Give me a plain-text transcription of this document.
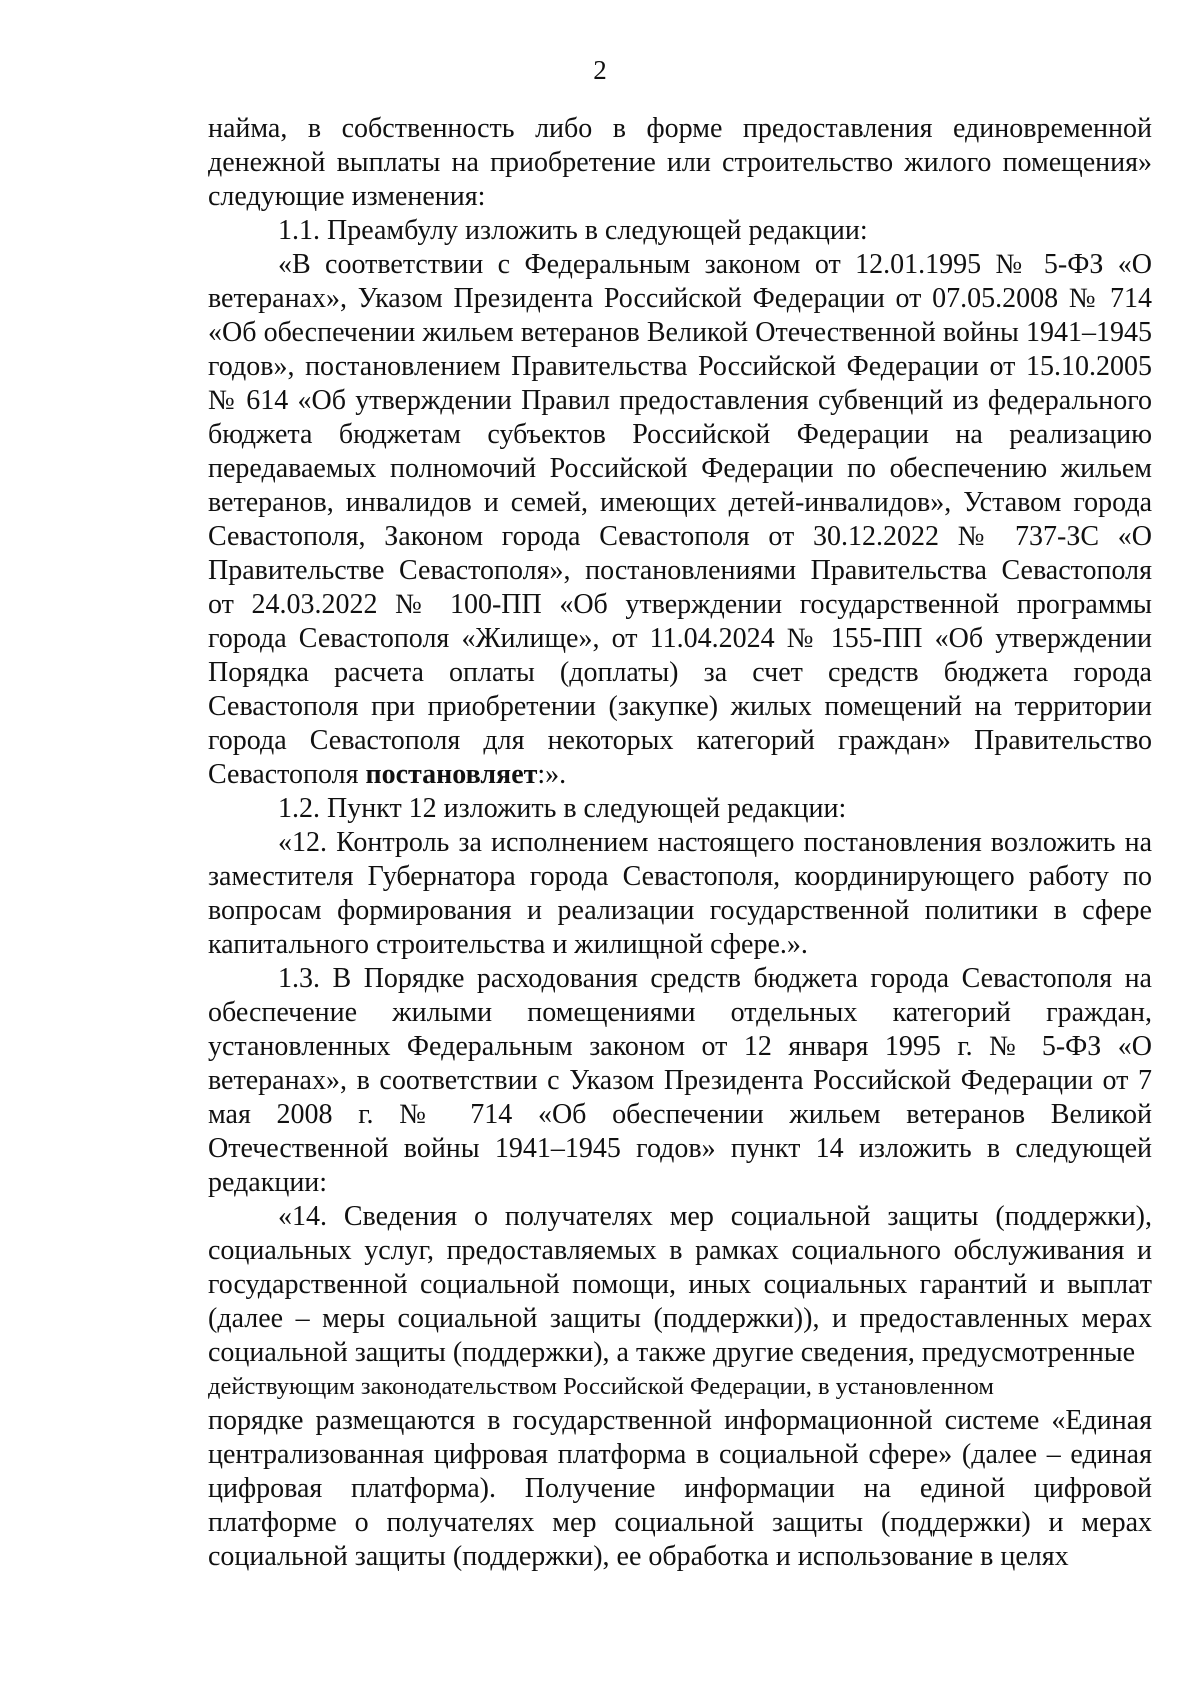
2

найма, в собственность либо в форме предоставления единовременной денежной выплаты на приобретение или строительство жилого помещения» следующие изменения:

1.1. Преамбулу изложить в следующей редакции:

«В соответствии с Федеральным законом от 12.01.1995 № 5-ФЗ «О ветеранах», Указом Президента Российской Федерации от 07.05.2008 № 714 «Об обеспечении жильем ветеранов Великой Отечественной войны 1941–1945 годов», постановлением Правительства Российской Федерации от 15.10.2005 № 614 «Об утверждении Правил предоставления субвенций из федерального бюджета бюджетам субъектов Российской Федерации на реализацию передаваемых полномочий Российской Федерации по обеспечению жильем ветеранов, инвалидов и семей, имеющих детей-инвалидов», Уставом города Севастополя, Законом города Севастополя от 30.12.2022 № 737-ЗС «О Правительстве Севастополя», постановлениями Правительства Севастополя от 24.03.2022 № 100-ПП «Об утверждении государственной программы города Севастополя «Жилище», от 11.04.2024 № 155-ПП «Об утверждении Порядка расчета оплаты (доплаты) за счет средств бюджета города Севастополя при приобретении (закупке) жилых помещений на территории города Севастополя для некоторых категорий граждан» Правительство Севастополя постановляет:».

1.2. Пункт 12 изложить в следующей редакции:

«12. Контроль за исполнением настоящего постановления возложить на заместителя Губернатора города Севастополя, координирующего работу по вопросам формирования и реализации государственной политики в сфере капитального строительства и жилищной сфере.».

1.3. В Порядке расходования средств бюджета города Севастополя на обеспечение жилыми помещениями отдельных категорий граждан, установленных Федеральным законом от 12 января 1995 г. № 5-ФЗ «О ветеранах», в соответствии с Указом Президента Российской Федерации от 7 мая 2008 г. № 714 «Об обеспечении жильем ветеранов Великой Отечественной войны 1941–1945 годов» пункт 14 изложить в следующей редакции:

«14. Сведения о получателях мер социальной защиты (поддержки), социальных услуг, предоставляемых в рамках социального обслуживания и государственной социальной помощи, иных социальных гарантий и выплат (далее – меры социальной защиты (поддержки)), и предоставленных мерах социальной защиты (поддержки), а также другие сведения, предусмотренные

действующим законодательством Российской Федерации, в установленном

порядке размещаются в государственной информационной системе «Единая централизованная цифровая платформа в социальной сфере» (далее – единая цифровая платформа). Получение информации на единой цифровой платформе о получателях мер социальной защиты (поддержки) и мерах социальной защиты (поддержки), ее обработка и использование в целях
